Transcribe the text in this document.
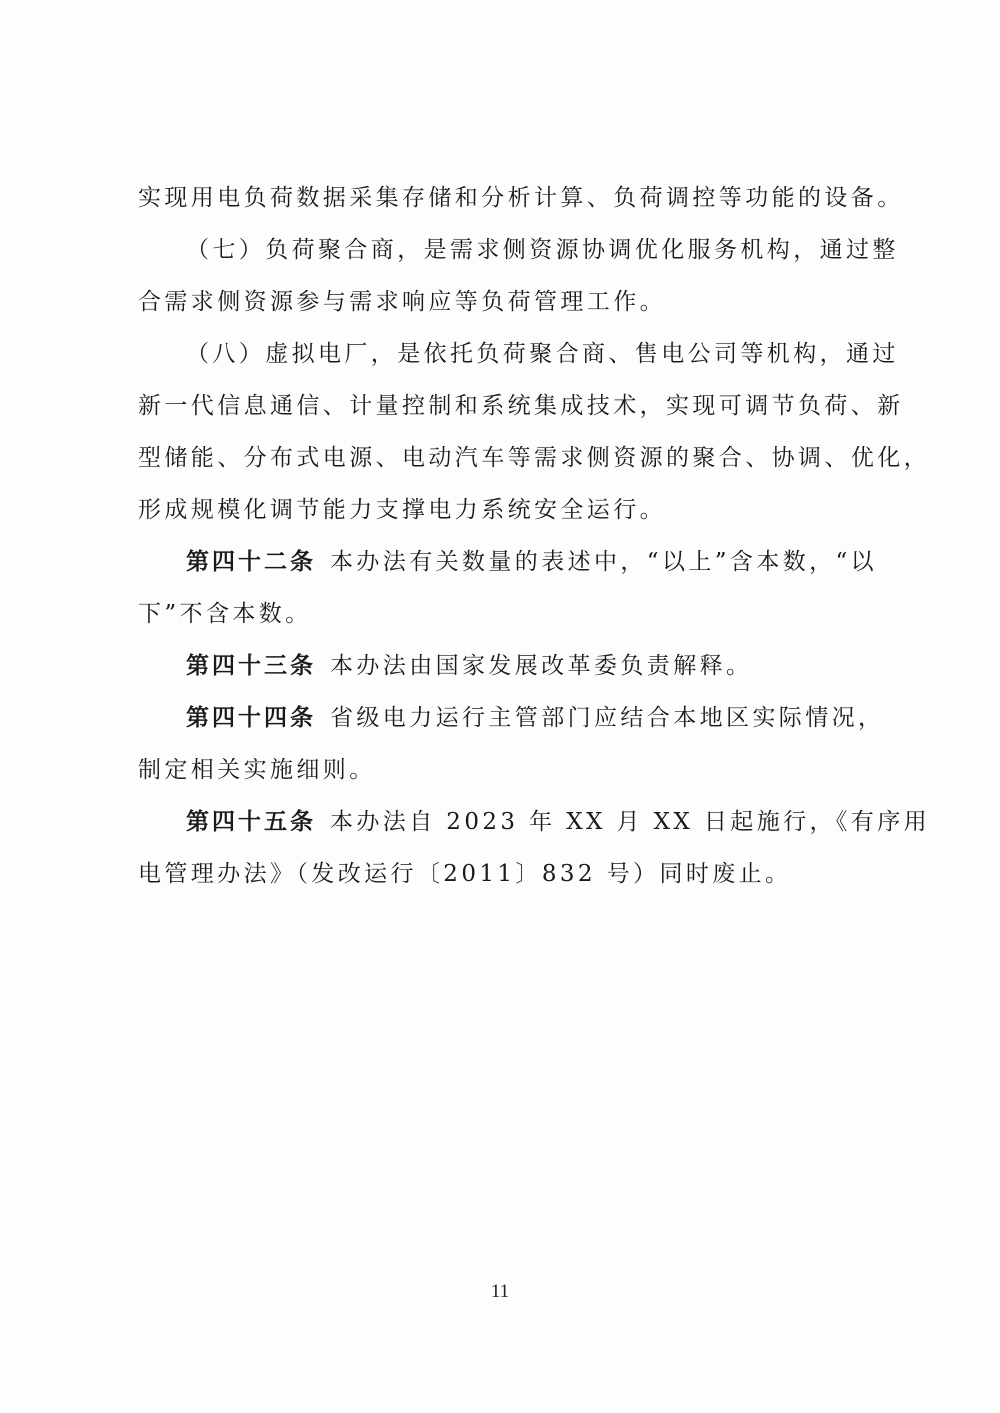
实现用电负荷数据采集存储和分析计算、负荷调控等功能的设备。
（七）负荷聚合商，是需求侧资源协调优化服务机构，通过整
合需求侧资源参与需求响应等负荷管理工作。
（八）虚拟电厂，是依托负荷聚合商、售电公司等机构，通过
新一代信息通信、计量控制和系统集成技术，实现可调节负荷、新
型储能、分布式电源、电动汽车等需求侧资源的聚合、协调、优化，
形成规模化调节能力支撑电力系统安全运行。
第四十二条 本办法有关数量的表述中，“以上”含本数，“以
下”不含本数。
第四十三条 本办法由国家发展改革委负责解释。
第四十四条 省级电力运行主管部门应结合本地区实际情况，
制定相关实施细则。
第四十五条 本办法自 2023 年 XX 月 XX 日起施行，《有序用
电管理办法》（发改运行〔2011〕832 号）同时废止。
11
